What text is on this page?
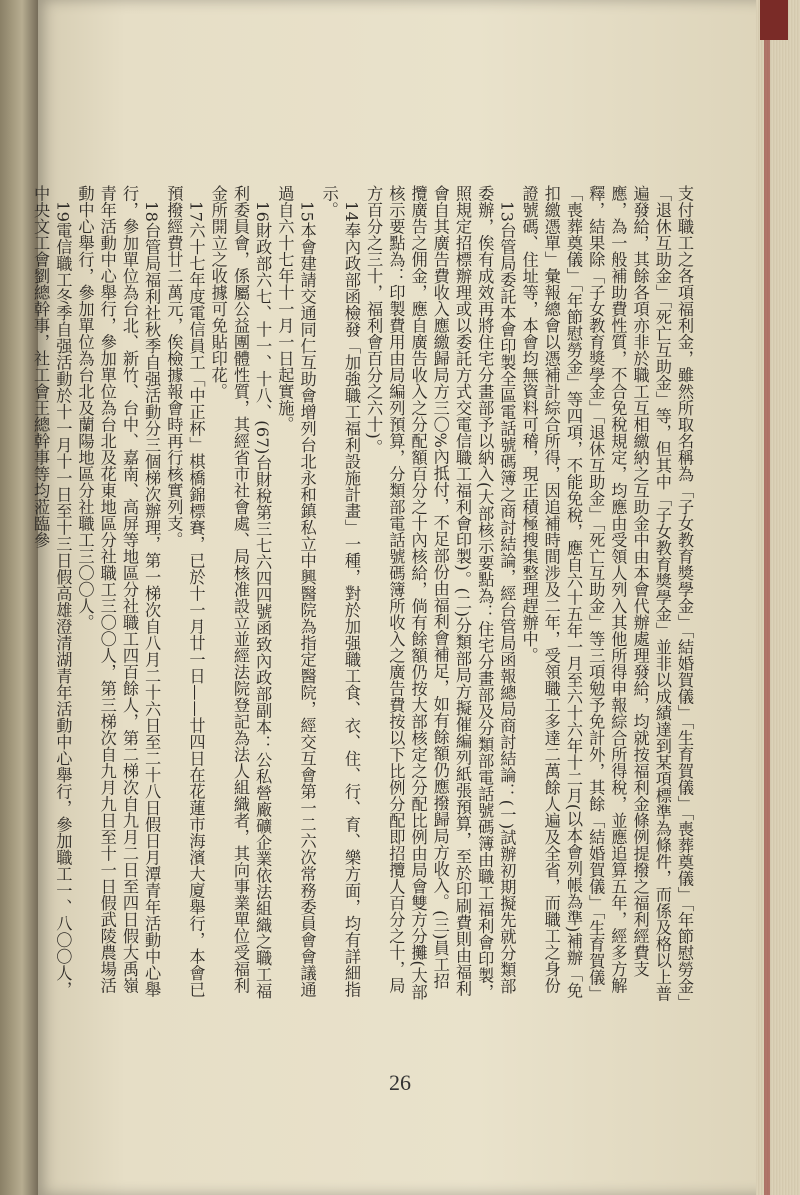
支付職工之各項福利金，雖然所取名稱為「子女教育獎學金」「結婚賀儀」「生育賀儀」「喪葬奠儀」「年節慰勞金」「退休互助金」「死亡互助金」等，但其中「子女教育獎學金」並非以成績達到某項標準為條件，而係及格以上普遍發給，其餘各項亦非於職工互相繳納之互助金中由本會代辦處理發給，均就按福利金條例提撥之福利經費支應，為一般補助費性質，不合免稅規定，均應由受領人列入其他所得申報綜合所得稅，並應追算五年，經多方解釋，結果除「子女教育獎學金」「退休互助金」「死亡互助金」等三項勉予免計外，其餘「結婚賀儀」「生育賀儀」「喪葬奠儀」「年節慰勞金」等四項，不能免稅，應自六十五年一月至六十六年十二月(以本會列帳為準)補辦「免扣繳憑單」彙報總會以憑補計綜合所得，因追補時間涉及二年，受領職工多達二萬餘人遍及全省，而職工之身份證號碼、住址等，本會均無資料可稽，現正積極搜集整理趕辦中。

13台管局委託本會印製全區電話號碼簿之商討結論，經台管局函報總局商討結論：(一)試辦初期擬先就分類部委辦，俟有成效再將住宅分畫部予以納入(大部核示要點為：住宅分畫部及分類部電話號碼簿由職工福利會印製，照規定招標辦理或以委託方式交電信職工福利會印製)。(二)分類部局方擬催編列紙張預算，至於印刷費則由福利會自其廣告費收入應繳歸局方三〇%內抵付，不足部份由福利會補足，如有餘額仍應撥歸局方收入。(三)員工招攬廣告之佣金，應自廣告收入之分配額百分之十內核給，倘有餘額仍按大部核定之分配比例由局會雙方分攤(大部核示要點為：印製費用由局編列預算，分類部電話號碼簿所收入之廣告費按以下比例分配即招攬人百分之十，局方百分之三十，福利會百分之六十)。

14奉內政部函檢發「加強職工福利設施計畫」一種，對於加强職工食、衣、住、行、育、樂方面，均有詳細指示。

15本會建請交通同仁互助會增列台北永和鎮私立中興醫院為指定醫院，經交互會第一二六次常務委員會會議通過自六十七年十一月一日起實施。

16財政部六七、十一、十八、(67)台財稅第三七六四四號函致內政部副本：公私營廠礦企業依法組織之職工福利委員會，係屬公益團體性質，其經省市社會處、局核准設立並經法院登記為法人組織者，其向事業單位受福利金所開立之收據可免貼印花。

17六十七年度電信員工「中正杯」棋橋錦標賽，已於十一月廿一日——廿四日在花蓮市海濱大廈舉行，本會已預撥經費廿二萬元，俟檢據報會時再行核實列支。

18台管局福利社秋季自强活動分三個梯次辦理，第一梯次自八月二十六日至二十八日假日月潭青年活動中心舉行，參加單位為台北、新竹、台中、嘉南、高屏等地區分社職工四百餘人，第二梯次自九月二日至四日假大禹嶺青年活動中心舉行，參加單位為台北及花東地區分社職工三〇〇人，第三梯次自九月九日至十一日假武陵農場活動中心舉行，參加單位為台北及蘭陽地區分社職工三〇〇人。

19電信職工冬季自强活動於十一月十一日至十三日假高雄澄清湖青年活動中心舉行，參加職工一、八〇〇人，中央文工會劉總幹事，社工會王總幹事等均蒞臨參

26
